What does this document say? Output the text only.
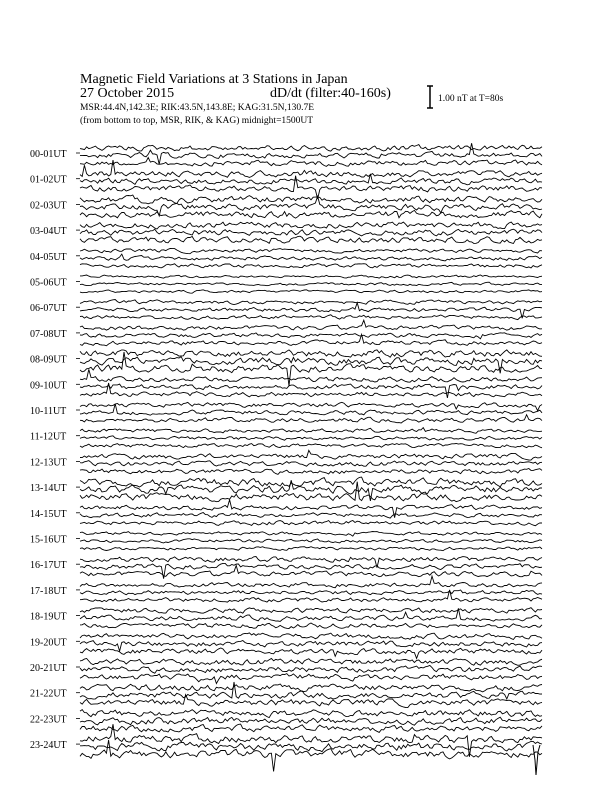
Magnetic Field Variations at 3 Stations in Japan
27 October 2015	dD/dt (filter:40-160s)
MSR:44.4N,142.3E; RIK:43.5N,143.8E; KAG:31.5N,130.7E
(from bottom to top, MSR, RIK, & KAG) midnight=1500UT
1.00 nT at T=80s
00-01UT
01-02UT
02-03UT
03-04UT
04-05UT
05-06UT
06-07UT
07-08UT
08-09UT
09-10UT
10-11UT
11-12UT
12-13UT
13-14UT
14-15UT
15-16UT
16-17UT
17-18UT
18-19UT
19-20UT
20-21UT
21-22UT
22-23UT
23-24UT
